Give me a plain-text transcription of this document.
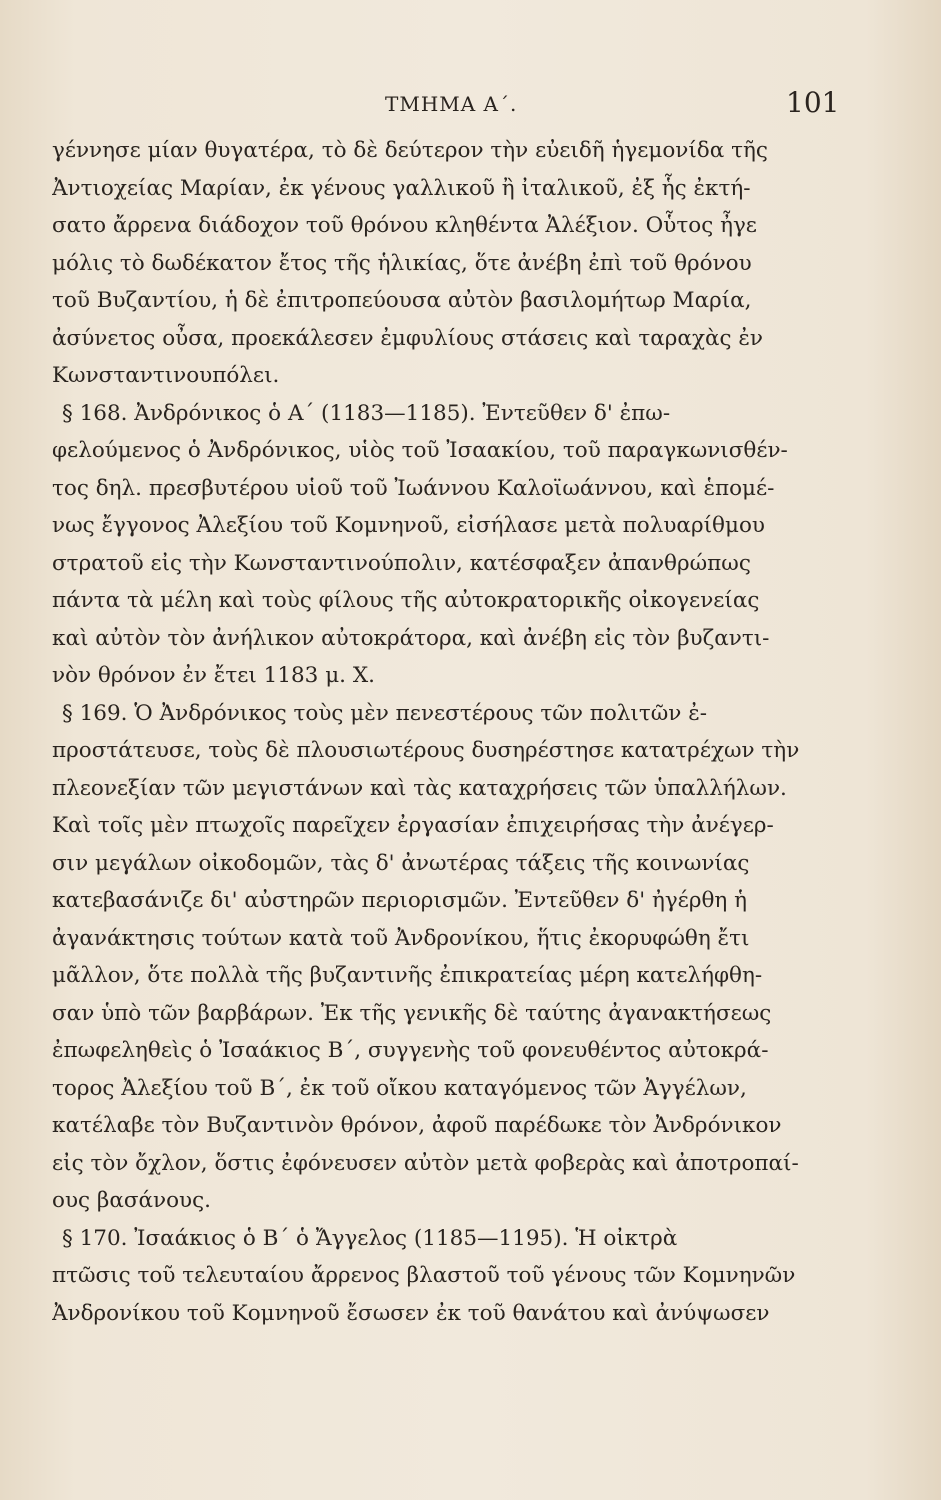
ΤΜΗΜΑ Α΄.	101
γέννησε μίαν θυγατέρα, τὸ δὲ δεύτερον τὴν εὐειδῆ ἡγεμονίδα τῆς
Ἀντιοχείας Μαρίαν, ἐκ γένους γαλλικοῦ ἢ ἰταλικοῦ, ἐξ ἧς ἐκτή-
σατο ἄρρενα διάδοχον τοῦ θρόνου κληθέντα Ἀλέξιον. Οὗτος ἦγε
μόλις τὸ δωδέκατον ἔτος τῆς ἡλικίας, ὅτε ἀνέβη ἐπὶ τοῦ θρόνου
τοῦ Βυζαντίου, ἡ δὲ ἐπιτροπεύουσα αὐτὸν βασιλομήτωρ Μαρία,
ἀσύνετος οὖσα, προεκάλεσεν ἐμφυλίους στάσεις καὶ ταραχὰς ἐν
Κωνσταντινουπόλει.
§ 168. Ἀνδρόνικος ὁ Α΄ (1183—1185). Ἐντεῦθεν δ' ἐπω-
φελούμενος ὁ Ἀνδρόνικος, υἱὸς τοῦ Ἰσαακίου, τοῦ παραγκωνισθέν-
τος δηλ. πρεσβυτέρου υἱοῦ τοῦ Ἰωάννου Καλοϊωάννου, καὶ ἑπομέ-
νως ἔγγονος Ἀλεξίου τοῦ Κομνηνοῦ, εἰσήλασε μετὰ πολυαρίθμου
στρατοῦ εἰς τὴν Κωνσταντινούπολιν, κατέσφαξεν ἀπανθρώπως
πάντα τὰ μέλη καὶ τοὺς φίλους τῆς αὐτοκρατορικῆς οἰκογενείας
καὶ αὐτὸν τὸν ἀνήλικον αὐτοκράτορα, καὶ ἀνέβη εἰς τὸν βυζαντι-
νὸν θρόνον ἐν ἔτει 1183 μ. Χ.
§ 169. Ὁ Ἀνδρόνικος τοὺς μὲν πενεστέρους τῶν πολιτῶν ἐ-
προστάτευσε, τοὺς δὲ πλουσιωτέρους δυσηρέστησε κατατρέχων τὴν
πλεονεξίαν τῶν μεγιστάνων καὶ τὰς καταχρήσεις τῶν ὑπαλλήλων.
Καὶ τοῖς μὲν πτωχοῖς παρεῖχεν ἐργασίαν ἐπιχειρήσας τὴν ἀνέγερ-
σιν μεγάλων οἰκοδομῶν, τὰς δ' ἀνωτέρας τάξεις τῆς κοινωνίας
κατεβασάνιζε δι' αὐστηρῶν περιορισμῶν. Ἐντεῦθεν δ' ἠγέρθη ἡ
ἀγανάκτησις τούτων κατὰ τοῦ Ἀνδρονίκου, ἥτις ἐκορυφώθη ἔτι
μᾶλλον, ὅτε πολλὰ τῆς βυζαντινῆς ἐπικρατείας μέρη κατελήφθη-
σαν ὑπὸ τῶν βαρβάρων. Ἐκ τῆς γενικῆς δὲ ταύτης ἀγανακτήσεως
ἐπωφεληθεὶς ὁ Ἰσαάκιος Β΄, συγγενὴς τοῦ φονευθέντος αὐτοκρά-
τορος Ἀλεξίου τοῦ Β΄, ἐκ τοῦ οἴκου καταγόμενος τῶν Ἀγγέλων,
κατέλαβε τὸν Βυζαντινὸν θρόνον, ἀφοῦ παρέδωκε τὸν Ἀνδρόνικον
εἰς τὸν ὄχλον, ὅστις ἐφόνευσεν αὐτὸν μετὰ φοβερὰς καὶ ἀποτροπαί-
ους βασάνους.
§ 170. Ἰσαάκιος ὁ Β΄ ὁ Ἄγγελος (1185—1195). Ἡ οἰκτρὰ
πτῶσις τοῦ τελευταίου ἄρρενος βλαστοῦ τοῦ γένους τῶν Κομνηνῶν
Ἀνδρονίκου τοῦ Κομνηνοῦ ἔσωσεν ἐκ τοῦ θανάτου καὶ ἀνύψωσεν
